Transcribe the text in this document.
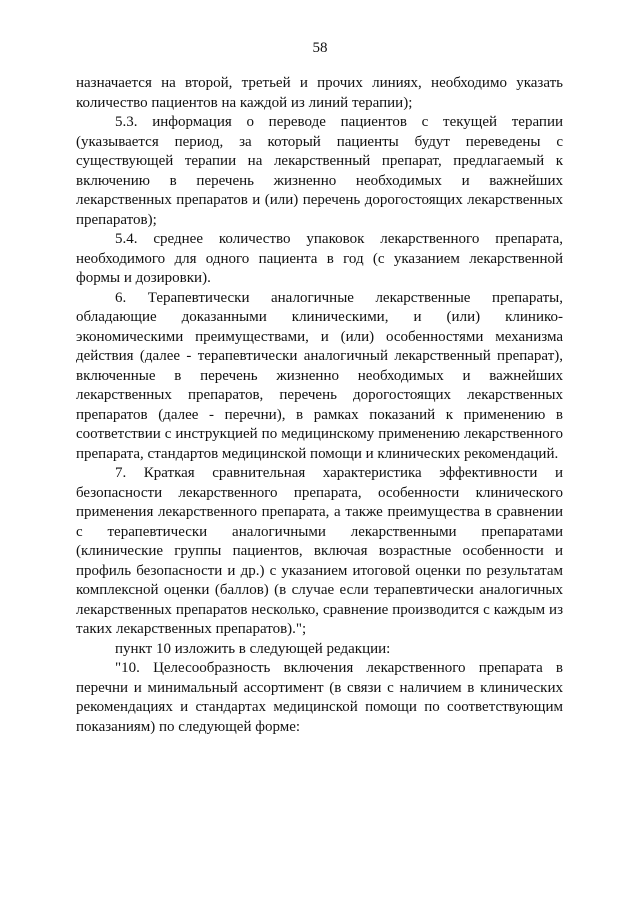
58

назначается на второй, третьей и прочих линиях, необходимо указать количество пациентов на каждой из линий терапии);

5.3. информация о переводе пациентов с текущей терапии (указывается период, за который пациенты будут переведены с существующей терапии на лекарственный препарат, предлагаемый к включению в перечень жизненно необходимых и важнейших лекарственных препаратов и (или) перечень дорогостоящих лекарственных препаратов);

5.4. среднее количество упаковок лекарственного препарата, необходимого для одного пациента в год (с указанием лекарственной формы и дозировки).

6. Терапевтически аналогичные лекарственные препараты, обладающие доказанными клиническими, и (или) клинико-экономическими преимуществами, и (или) особенностями механизма действия (далее - терапевтически аналогичный лекарственный препарат), включенные в перечень жизненно необходимых и важнейших лекарственных препаратов, перечень дорогостоящих лекарственных препаратов (далее - перечни), в рамках показаний к применению в соответствии с инструкцией по медицинскому применению лекарственного препарата, стандартов медицинской помощи и клинических рекомендаций.

7. Краткая сравнительная характеристика эффективности и безопасности лекарственного препарата, особенности клинического применения лекарственного препарата, а также преимущества в сравнении с терапевтически аналогичными лекарственными препаратами (клинические группы пациентов, включая возрастные особенности и профиль безопасности и др.) с указанием итоговой оценки по результатам комплексной оценки (баллов) (в случае если терапевтически аналогичных лекарственных препаратов несколько, сравнение производится с каждым из таких лекарственных препаратов).";

пункт 10 изложить в следующей редакции:

"10. Целесообразность включения лекарственного препарата в перечни и минимальный ассортимент (в связи с наличием в клинических рекомендациях и стандартах медицинской помощи по соответствующим показаниям) по следующей форме:
